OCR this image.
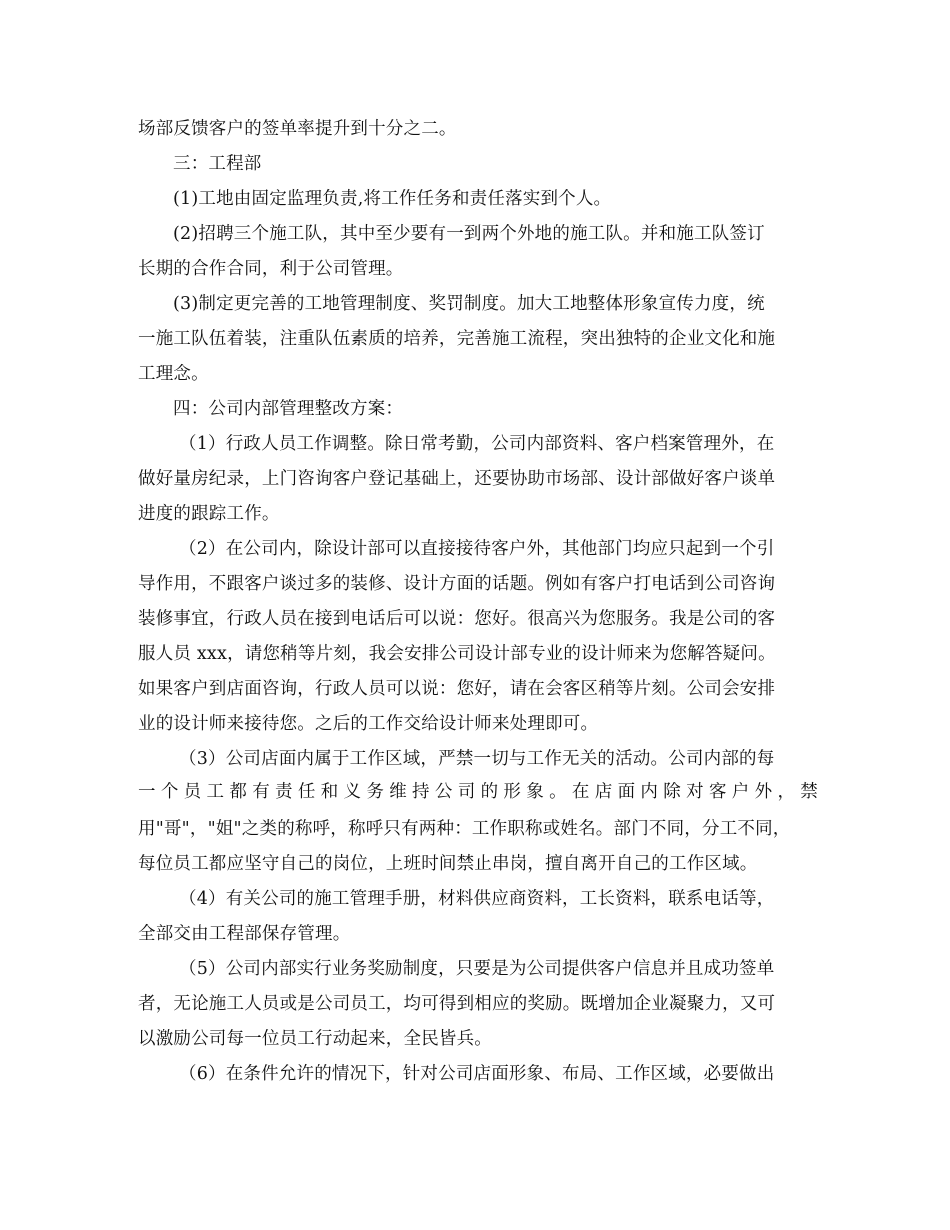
场部反馈客户的签单率提升到十分之二。
三：工程部
(1)工地由固定监理负责,将工作任务和责任落实到个人。
(2)招聘三个施工队，其中至少要有一到两个外地的施工队。并和施工队签订
长期的合作合同，利于公司管理。
(3)制定更完善的工地管理制度、奖罚制度。加大工地整体形象宣传力度，统
一施工队伍着装，注重队伍素质的培养，完善施工流程，突出独特的企业文化和施
工理念。
四：公司内部管理整改方案：
（1）行政人员工作调整。除日常考勤，公司内部资料、客户档案管理外，在
做好量房纪录，上门咨询客户登记基础上，还要协助市场部、设计部做好客户谈单
进度的跟踪工作。
（2）在公司内，除设计部可以直接接待客户外，其他部门均应只起到一个引
导作用，不跟客户谈过多的装修、设计方面的话题。例如有客户打电话到公司咨询
装修事宜，行政人员在接到电话后可以说：您好。很高兴为您服务。我是公司的客
服人员 xxx，请您稍等片刻，我会安排公司设计部专业的设计师来为您解答疑问。
如果客户到店面咨询，行政人员可以说：您好，请在会客区稍等片刻。公司会安排
业的设计师来接待您。之后的工作交给设计师来处理即可。
（3）公司店面内属于工作区域，严禁一切与工作无关的活动。公司内部的每
一个员工都有责任和义务维持公司的形象。在店面内除对客户外，禁
用"哥"，"姐"之类的称呼，称呼只有两种：工作职称或姓名。部门不同，分工不同，
每位员工都应坚守自己的岗位，上班时间禁止串岗，擅自离开自己的工作区域。
（4）有关公司的施工管理手册，材料供应商资料，工长资料，联系电话等，
全部交由工程部保存管理。
（5）公司内部实行业务奖励制度，只要是为公司提供客户信息并且成功签单
者，无论施工人员或是公司员工，均可得到相应的奖励。既增加企业凝聚力，又可
以激励公司每一位员工行动起来，全民皆兵。
（6）在条件允许的情况下，针对公司店面形象、布局、工作区域，必要做出
